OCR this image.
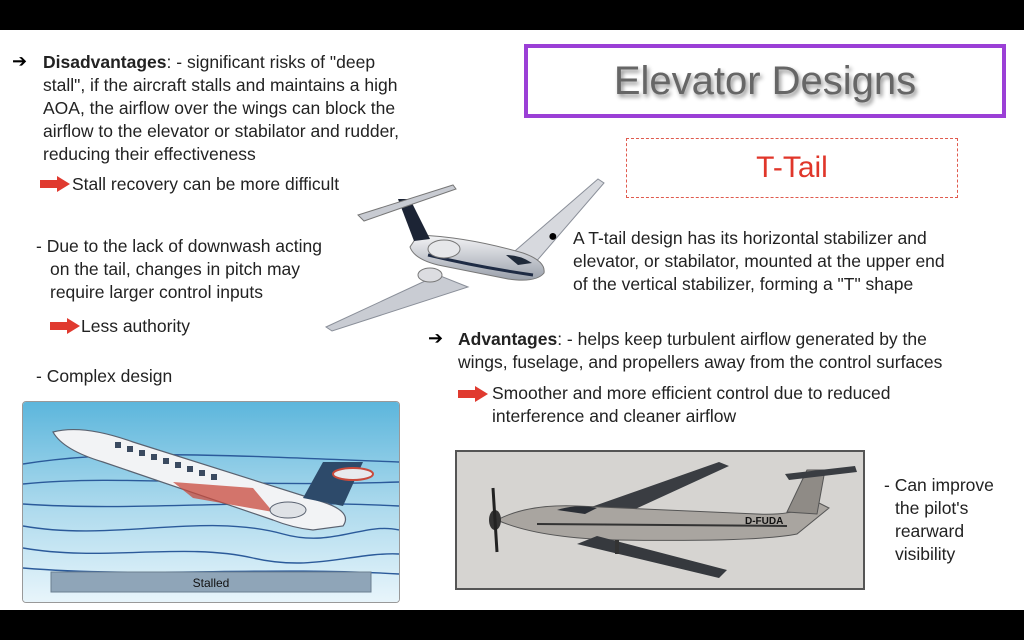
Elevator Designs
T-Tail
➔ Disadvantages: - significant risks of "deep
stall", if the aircraft stalls and maintains a high
AOA, the airflow over the wings can block the
airflow to the elevator or stabilator and rudder,
reducing their effectiveness
Stall recovery can be more difficult
- Due to the lack of downwash acting
on the tail, changes in pitch may
require larger control inputs
Less authority
- Complex design
● A T-tail design has its horizontal stabilizer and
elevator, or stabilator, mounted at the upper end
of the vertical stabilizer, forming a "T" shape
➔ Advantages: - helps keep turbulent airflow generated by the
wings, fuselage, and propellers away from the control surfaces
Smoother and more efficient control due to reduced
interference and cleaner airflow
Stalled
D-FUDA
- Can improve
the pilot's
rearward
visibility
